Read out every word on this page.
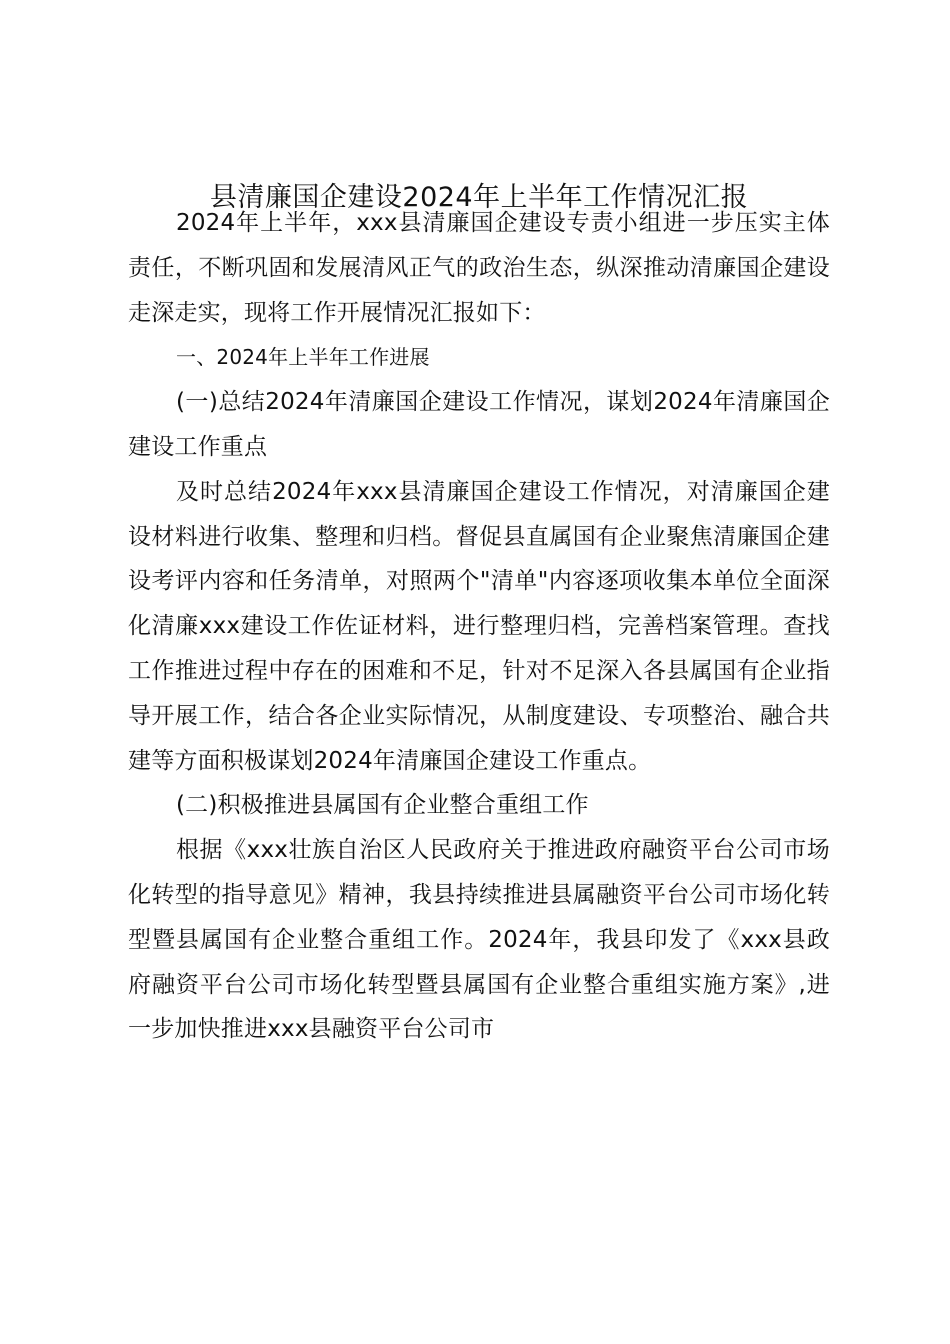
县清廉国企建设2024年上半年工作情况汇报

2024年上半年，xxx县清廉国企建设专责小组进一步压实主体责任，不断巩固和发展清风正气的政治生态，纵深推动清廉国企建设走深走实，现将工作开展情况汇报如下：

一、2024年上半年工作进展

(一)总结2024年清廉国企建设工作情况，谋划2024年清廉国企建设工作重点

及时总结2024年xxx县清廉国企建设工作情况，对清廉国企建设材料进行收集、整理和归档。督促县直属国有企业聚焦清廉国企建设考评内容和任务清单，对照两个"清单"内容逐项收集本单位全面深化清廉xxx建设工作佐证材料，进行整理归档，完善档案管理。查找工作推进过程中存在的困难和不足，针对不足深入各县属国有企业指导开展工作，结合各企业实际情况，从制度建设、专项整治、融合共建等方面积极谋划2024年清廉国企建设工作重点。

(二)积极推进县属国有企业整合重组工作

根据《xxx壮族自治区人民政府关于推进政府融资平台公司市场化转型的指导意见》精神，我县持续推进县属融资平台公司市场化转型暨县属国有企业整合重组工作。2024年，我县印发了《xxx县政府融资平台公司市场化转型暨县属国有企业整合重组实施方案》,进一步加快推进xxx县融资平台公司市
